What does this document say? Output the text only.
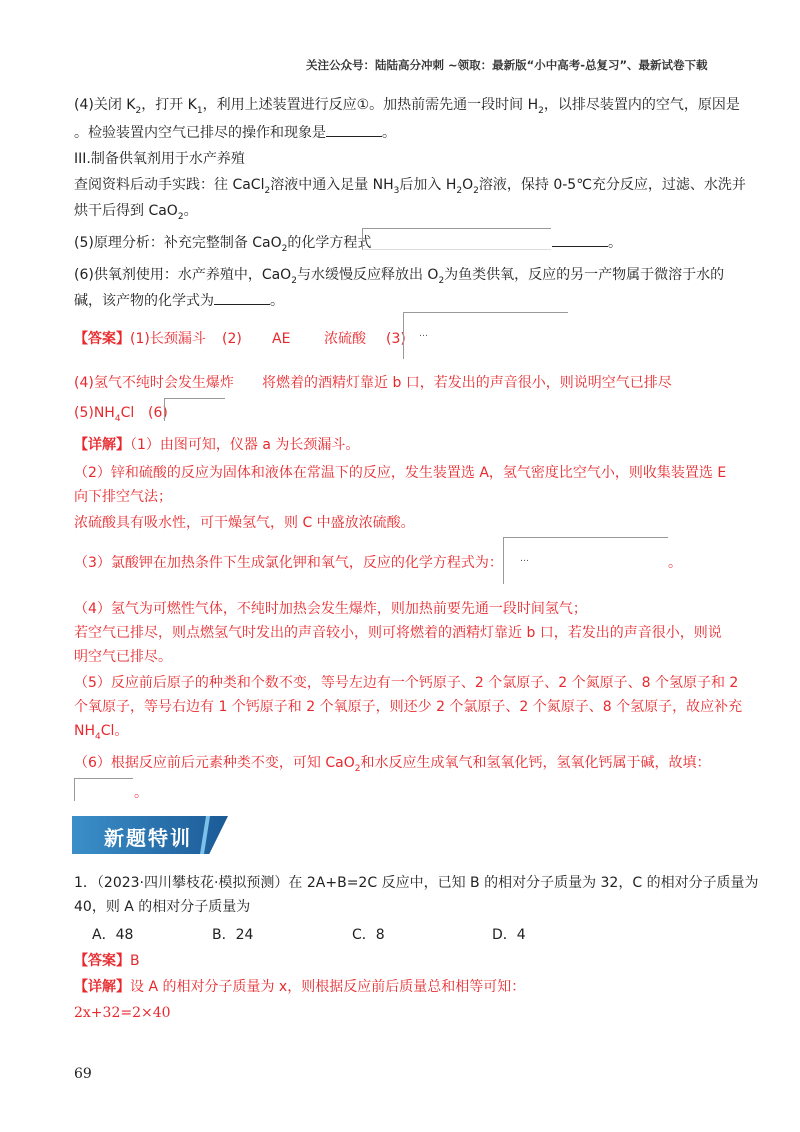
关注公众号：陆陆高分冲刺 ~领取：最新版“小中高考-总复习”、最新试卷下载
(4)关闭 $K_2$，打开 $K_1$，利用上述装置进行反应①。加热前需先通一段时间 $H_2$，以排尽装置内的空气，原因是
。检验装置内空气已排尽的操作和现象是	。
III.制备供氧剂用于水产养殖
查阅资料后动手实践：往 CaCl$_2$溶液中通入足量 $NH_3$后加入 $H_2O_2$溶液，保持 0-5℃充分反应，过滤、水洗并
烘干后得到 CaO$_2$。
(5)原理分析：补充完整制备 CaO$_2$的化学方程式	。
(6)供氧剂使用：水产养殖中，CaO$_2$与水缓慢反应释放出 $O_2$为鱼类供氧，反应的另一产物属于微溶于水的
碱，该产物的化学式为	。
【答案】(1)长颈漏斗 (2) AE 浓硫酸 (3) …
(4)氢气不纯时会发生爆炸 将燃着的酒精灯靠近 b 口，若发出的声音很小，则说明空气已排尽
$(5)NH_4Cl$ (6)
【详解】（1）由图可知，仪器 a 为长颈漏斗。
（2）锌和硫酸的反应为固体和液体在常温下的反应，发生装置选 A，氢气密度比空气小，则收集装置选 E
向下排空气法；
浓硫酸具有吸水性，可干燥氢气，则 C 中盛放浓硫酸。
（3）氯酸钾在加热条件下生成氯化钾和氧气，反应的化学方程式为： …	。
（4）氢气为可燃性气体，不纯时加热会发生爆炸，则加热前要先通一段时间氢气；
若空气已排尽，则点燃氢气时发出的声音较小，则可将燃着的酒精灯靠近 b 口，若发出的声音很小，则说
明空气已排尽。
（5）反应前后原子的种类和个数不变，等号左边有一个钙原子、2 个氯原子、2 个氮原子、8 个氢原子和 2
个氧原子，等号右边有 1 个钙原子和 2 个氧原子，则还少 2 个氯原子、2 个氮原子、8 个氢原子，故应补充
$NH_4Cl$。
（6）根据反应前后元素种类不变，可知 CaO$_2$和水反应生成氧气和氢氧化钙，氢氧化钙属于碱，故填：
。
新题特训
1．（2023·四川攀枝花·模拟预测）在 2A+B=2C 反应中，已知 B 的相对分子质量为 32，C 的相对分子质量为
40，则 A 的相对分子质量为
A．48	B．24	C．8	D．4
【答案】B
【详解】设 A 的相对分子质量为 x，则根据反应前后质量总和相等可知：
2x+32=2×40
69
